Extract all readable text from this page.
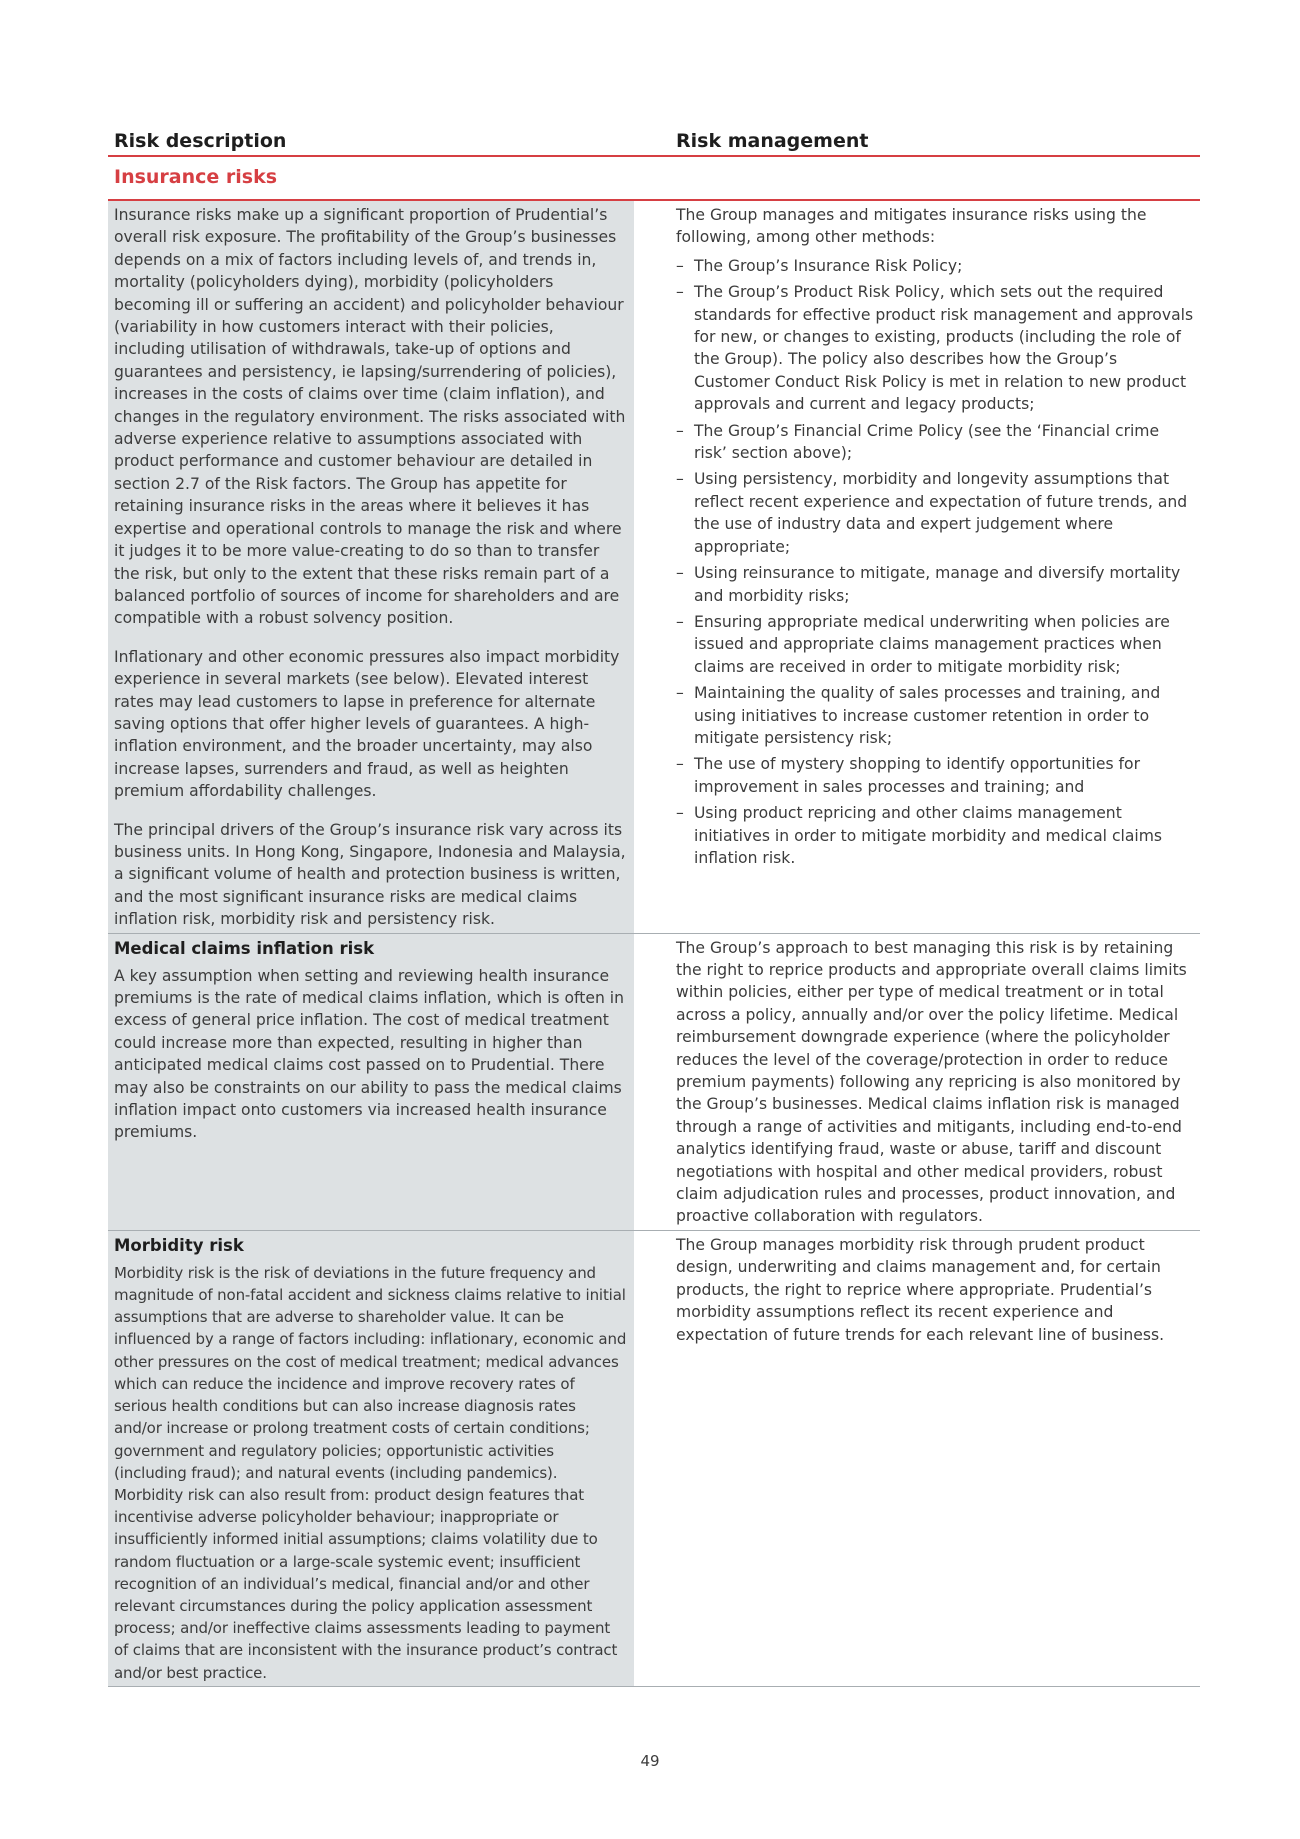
Risk description	Risk management
Insurance risks

Insurance risks make up a significant proportion of Prudential’s overall risk exposure. The profitability of the Group’s businesses depends on a mix of factors including levels of, and trends in, mortality (policyholders dying), morbidity (policyholders becoming ill or suffering an accident) and policyholder behaviour (variability in how customers interact with their policies, including utilisation of withdrawals, take-up of options and guarantees and persistency, ie lapsing/surrendering of policies), increases in the costs of claims over time (claim inflation), and changes in the regulatory environment. The risks associated with adverse experience relative to assumptions associated with product performance and customer behaviour are detailed in section 2.7 of the Risk factors. The Group has appetite for retaining insurance risks in the areas where it believes it has expertise and operational controls to manage the risk and where it judges it to be more value-creating to do so than to transfer the risk, but only to the extent that these risks remain part of a balanced portfolio of sources of income for shareholders and are compatible with a robust solvency position.

Inflationary and other economic pressures also impact morbidity experience in several markets (see below). Elevated interest rates may lead customers to lapse in preference for alternate saving options that offer higher levels of guarantees. A high-inflation environment, and the broader uncertainty, may also increase lapses, surrenders and fraud, as well as heighten premium affordability challenges.

The principal drivers of the Group’s insurance risk vary across its business units. In Hong Kong, Singapore, Indonesia and Malaysia, a significant volume of health and protection business is written, and the most significant insurance risks are medical claims inflation risk, morbidity risk and persistency risk.

The Group manages and mitigates insurance risks using the following, among other methods:

– The Group’s Insurance Risk Policy;
– The Group’s Product Risk Policy, which sets out the required standards for effective product risk management and approvals for new, or changes to existing, products (including the role of the Group). The policy also describes how the Group’s Customer Conduct Risk Policy is met in relation to new product approvals and current and legacy products;
– The Group’s Financial Crime Policy (see the ‘Financial crime risk’ section above);
– Using persistency, morbidity and longevity assumptions that reflect recent experience and expectation of future trends, and the use of industry data and expert judgement where appropriate;
– Using reinsurance to mitigate, manage and diversify mortality and morbidity risks;
– Ensuring appropriate medical underwriting when policies are issued and appropriate claims management practices when claims are received in order to mitigate morbidity risk;
– Maintaining the quality of sales processes and training, and using initiatives to increase customer retention in order to mitigate persistency risk;
– The use of mystery shopping to identify opportunities for improvement in sales processes and training; and
– Using product repricing and other claims management initiatives in order to mitigate morbidity and medical claims inflation risk.
Medical claims inflation risk

A key assumption when setting and reviewing health insurance premiums is the rate of medical claims inflation, which is often in excess of general price inflation. The cost of medical treatment could increase more than expected, resulting in higher than anticipated medical claims cost passed on to Prudential. There may also be constraints on our ability to pass the medical claims inflation impact onto customers via increased health insurance premiums.

The Group’s approach to best managing this risk is by retaining the right to reprice products and appropriate overall claims limits within policies, either per type of medical treatment or in total across a policy, annually and/or over the policy lifetime. Medical reimbursement downgrade experience (where the policyholder reduces the level of the coverage/protection in order to reduce premium payments) following any repricing is also monitored by the Group’s businesses. Medical claims inflation risk is managed through a range of activities and mitigants, including end-to-end analytics identifying fraud, waste or abuse, tariff and discount negotiations with hospital and other medical providers, robust claim adjudication rules and processes, product innovation, and proactive collaboration with regulators.

Morbidity risk

Morbidity risk is the risk of deviations in the future frequency and magnitude of non-fatal accident and sickness claims relative to initial assumptions that are adverse to shareholder value. It can be influenced by a range of factors including: inflationary, economic and other pressures on the cost of medical treatment; medical advances which can reduce the incidence and improve recovery rates of serious health conditions but can also increase diagnosis rates and/or increase or prolong treatment costs of certain conditions; government and regulatory policies; opportunistic activities (including fraud); and natural events (including pandemics). Morbidity risk can also result from: product design features that incentivise adverse policyholder behaviour; inappropriate or insufficiently informed initial assumptions; claims volatility due to random fluctuation or a large-scale systemic event; insufficient recognition of an individual’s medical, financial and/or and other relevant circumstances during the policy application assessment process; and/or ineffective claims assessments leading to payment of claims that are inconsistent with the insurance product’s contract and/or best practice.

The Group manages morbidity risk through prudent product design, underwriting and claims management and, for certain products, the right to reprice where appropriate. Prudential’s morbidity assumptions reflect its recent experience and expectation of future trends for each relevant line of business.

49
